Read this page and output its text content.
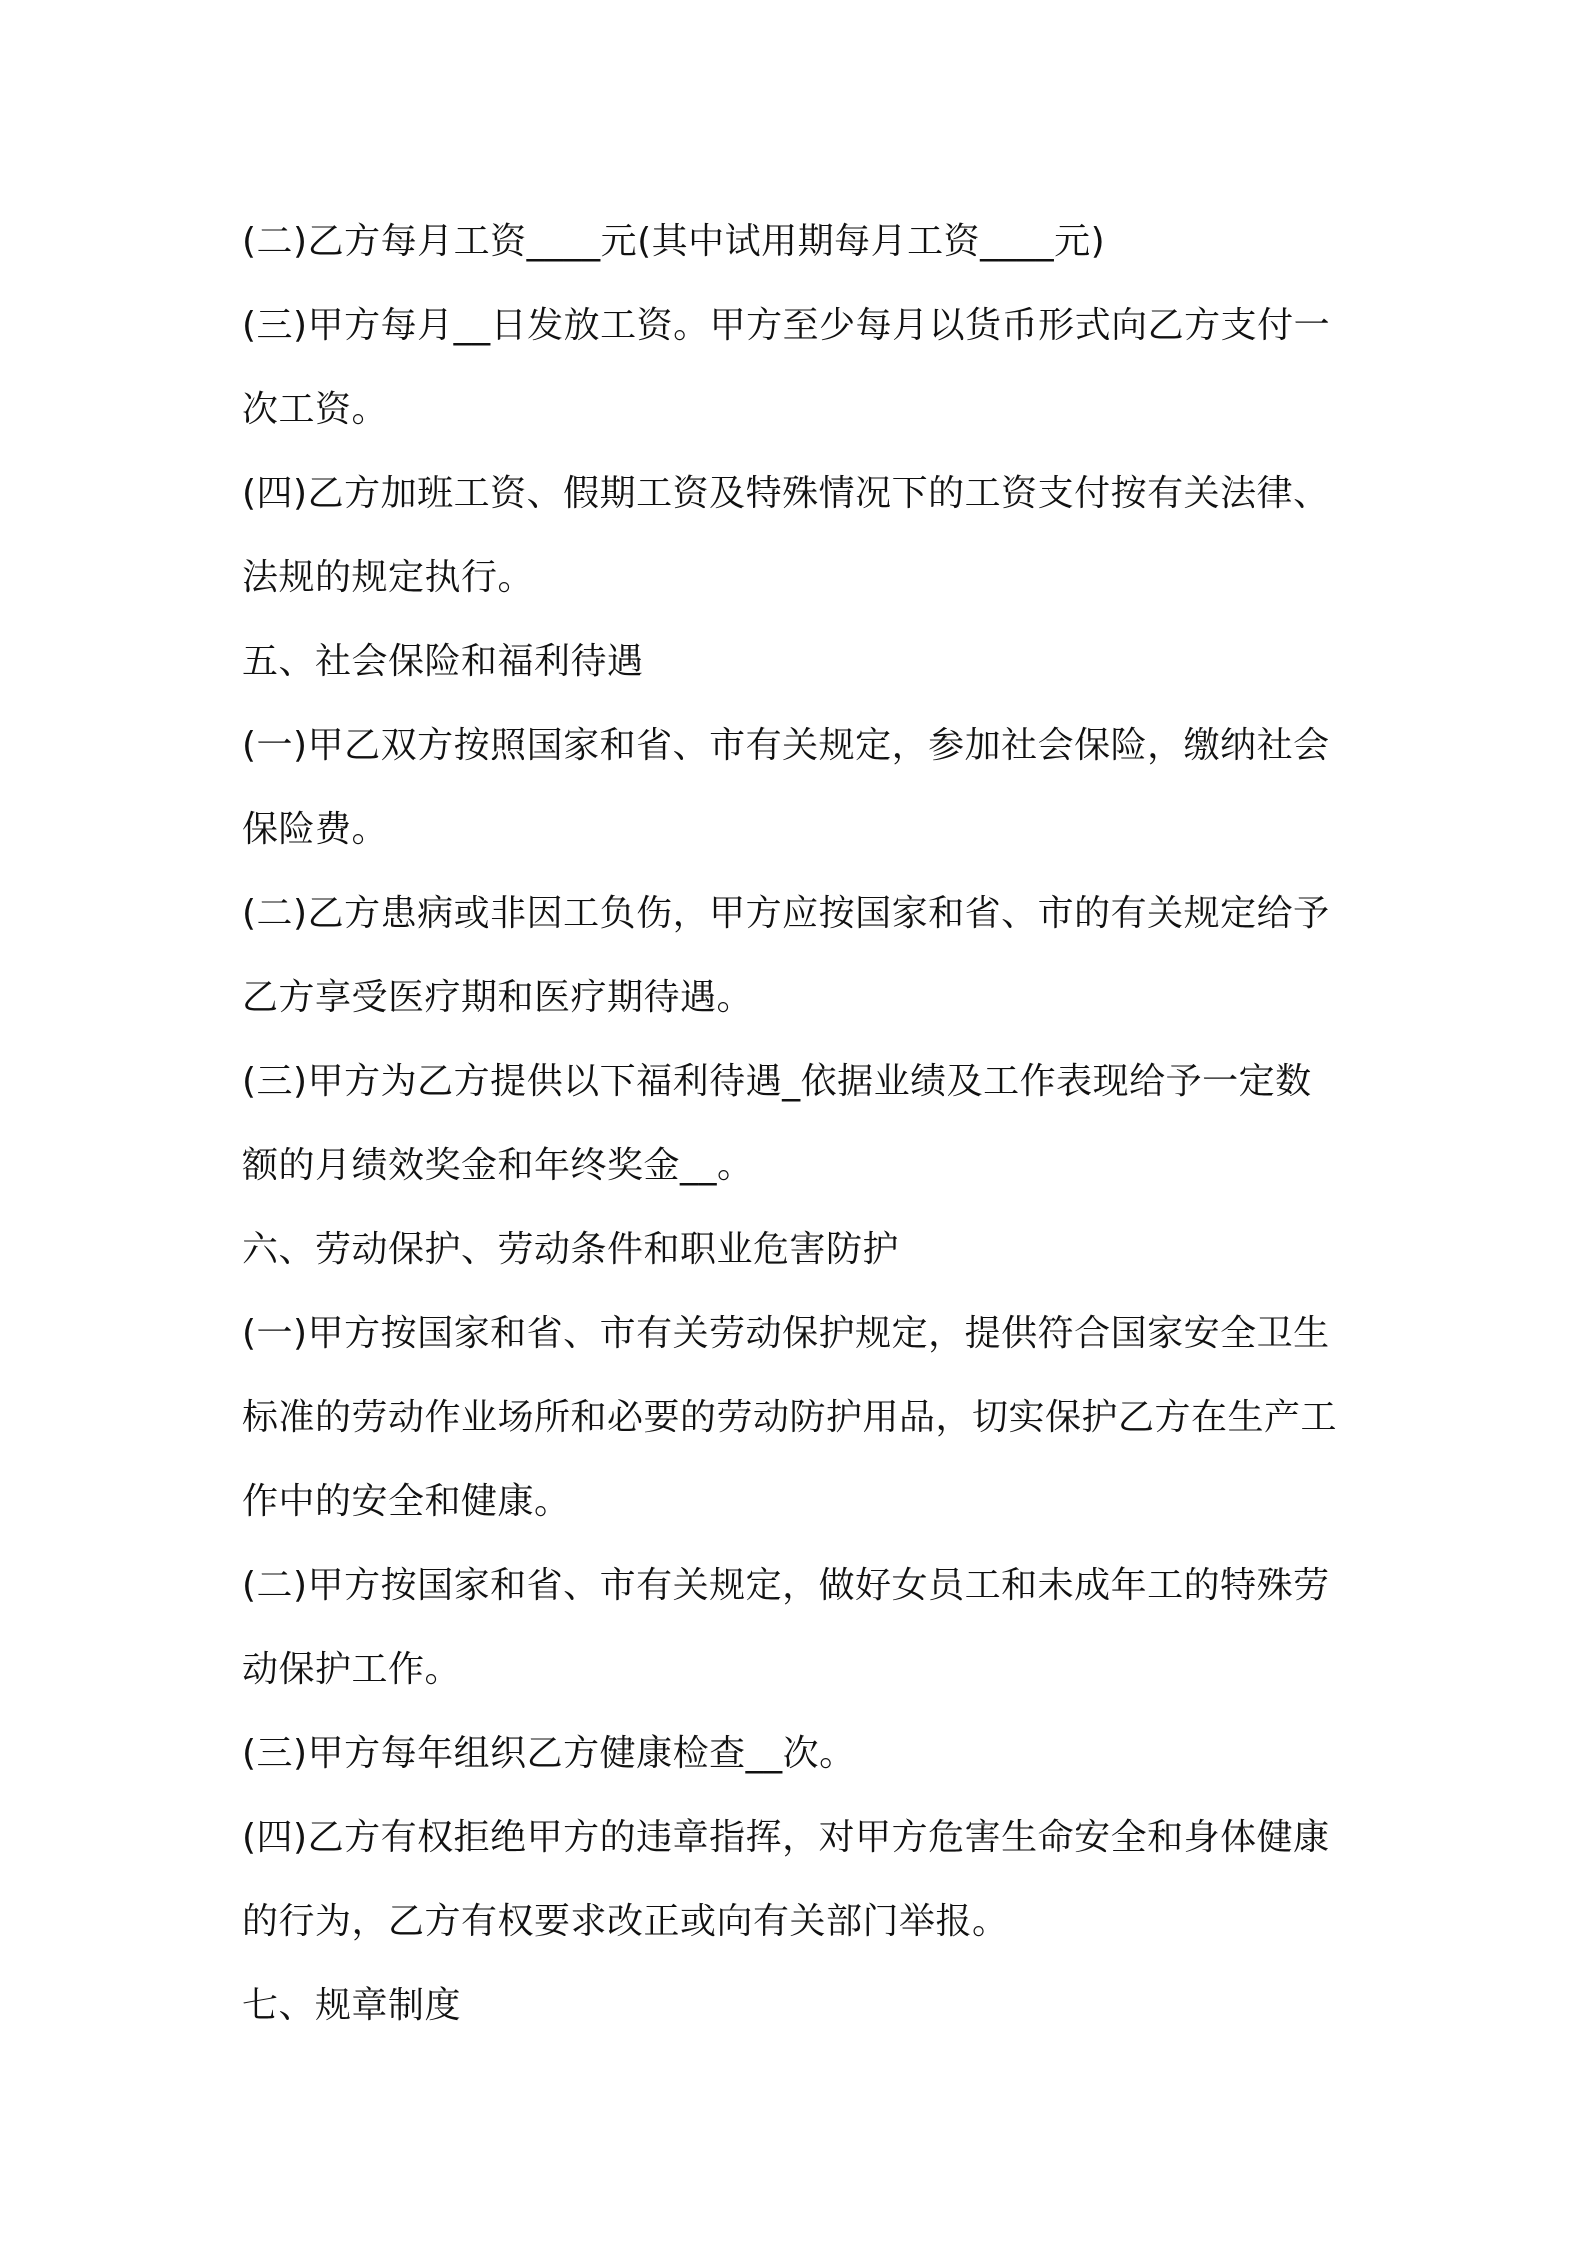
(二)乙方每月工资____元(其中试用期每月工资____元)

(三)甲方每月__日发放工资。甲方至少每月以货币形式向乙方支付一

次工资。

(四)乙方加班工资、假期工资及特殊情况下的工资支付按有关法律、

法规的规定执行。

五、社会保险和福利待遇

(一)甲乙双方按照国家和省、市有关规定，参加社会保险，缴纳社会

保险费。

(二)乙方患病或非因工负伤，甲方应按国家和省、市的有关规定给予

乙方享受医疗期和医疗期待遇。

(三)甲方为乙方提供以下福利待遇_依据业绩及工作表现给予一定数

额的月绩效奖金和年终奖金__。

六、劳动保护、劳动条件和职业危害防护

(一)甲方按国家和省、市有关劳动保护规定，提供符合国家安全卫生

标准的劳动作业场所和必要的劳动防护用品，切实保护乙方在生产工

作中的安全和健康。

(二)甲方按国家和省、市有关规定，做好女员工和未成年工的特殊劳

动保护工作。

(三)甲方每年组织乙方健康检查__次。

(四)乙方有权拒绝甲方的违章指挥，对甲方危害生命安全和身体健康

的行为，乙方有权要求改正或向有关部门举报。

七、规章制度
